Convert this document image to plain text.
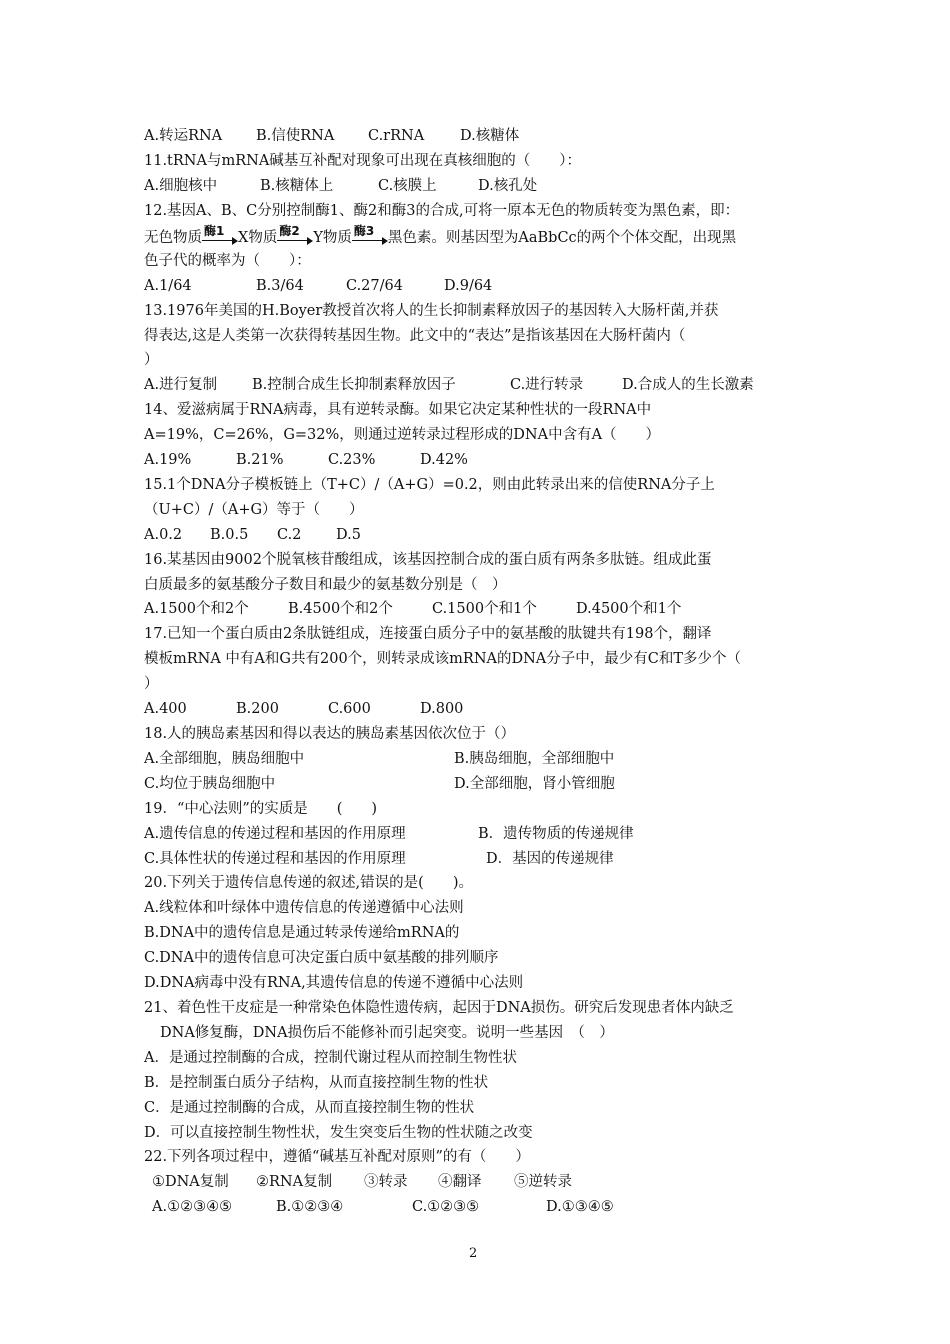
A.转运RNA B.信使RNA C.rRNA D.核糖体
11.tRNA与mRNA碱基互补配对现象可出现在真核细胞的（　　）：
A.细胞核中	B.核糖体上	C.核膜上	D.核孔处
12.基因A、B、C分别控制酶1、酶2和酶3的合成,可将一原本无色的物质转变为黑色素，即：
无色物质 酶1 X物质 酶2 Y物质 酶3 黑色素。则基因型为AaBbCc的两个个体交配，出现黑
色子代的概率为（　　）：
A.1/64	B.3/64	C.27/64	D.9/64
13.1976年美国的H.Boyer教授首次将人的生长抑制素释放因子的基因转入大肠杆菌,并获
得表达,这是人类第一次获得转基因生物。此文中的“表达”是指该基因在大肠杆菌内（
）
A.进行复制 B.控制合成生长抑制素释放因子	C.进行转录	D.合成人的生长激素
14、爱滋病属于RNA病毒，具有逆转录酶。如果它决定某种性状的一段RNA中
A=19%，C=26%，G=32%，则通过逆转录过程形成的DNA中含有A（　　）
A.19%	B.21%	C.23%	D.42%
15.1个DNA分子模板链上（T+C）/（A+G）=0.2，则由此转录出来的信使RNA分子上
（U+C）/（A+G）等于（　　）
A.0.2 B.0.5 C.2 D.5
16.某基因由9002个脱氧核苷酸组成，该基因控制合成的蛋白质有两条多肽链。组成此蛋
白质最多的氨基酸分子数目和最少的氨基数分别是（　）
A.1500个和2个	B.4500个和2个	C.1500个和1个	D.4500个和1个
17.已知一个蛋白质由2条肽链组成，连接蛋白质分子中的氨基酸的肽键共有198个，翻译
模板mRNA 中有A和G共有200个，则转录成该mRNA的DNA分子中，最少有C和T多少个（
）
A.400	B.200	C.600	D.800
18.人的胰岛素基因和得以表达的胰岛素基因依次位于（）
A.全部细胞，胰岛细胞中	B.胰岛细胞，全部细胞中
C.均位于胰岛细胞中	D.全部细胞，肾小管细胞
19．“中心法则”的实质是　　(　　)
A.遗传信息的传递过程和基因的作用原理	B．遗传物质的传递规律
C.具体性状的传递过程和基因的作用原理	D．基因的传递规律
20.下列关于遗传信息传递的叙述,错误的是(　　)。
A.线粒体和叶绿体中遗传信息的传递遵循中心法则
B.DNA中的遗传信息是通过转录传递给mRNA的
C.DNA中的遗传信息可决定蛋白质中氨基酸的排列顺序
D.DNA病毒中没有RNA,其遗传信息的传递不遵循中心法则
21、着色性干皮症是一种常染色体隐性遗传病，起因于DNA损伤。研究后发现患者体内缺乏
DNA修复酶，DNA损伤后不能修补而引起突变。说明一些基因　（　）
A．是通过控制酶的合成，控制代谢过程从而控制生物性状
B．是控制蛋白质分子结构，从而直接控制生物的性状
C．是通过控制酶的合成，从而直接控制生物的性状
D．可以直接控制生物性状，发生突变后生物的性状随之改变
22.下列各项过程中，遵循“碱基互补配对原则”的有（　　）
①DNA复制 ②RNA复制 ③转录 ④翻译 ⑤逆转录
A.①②③④⑤	B.①②③④	C.①②③⑤	D.①③④⑤
2
